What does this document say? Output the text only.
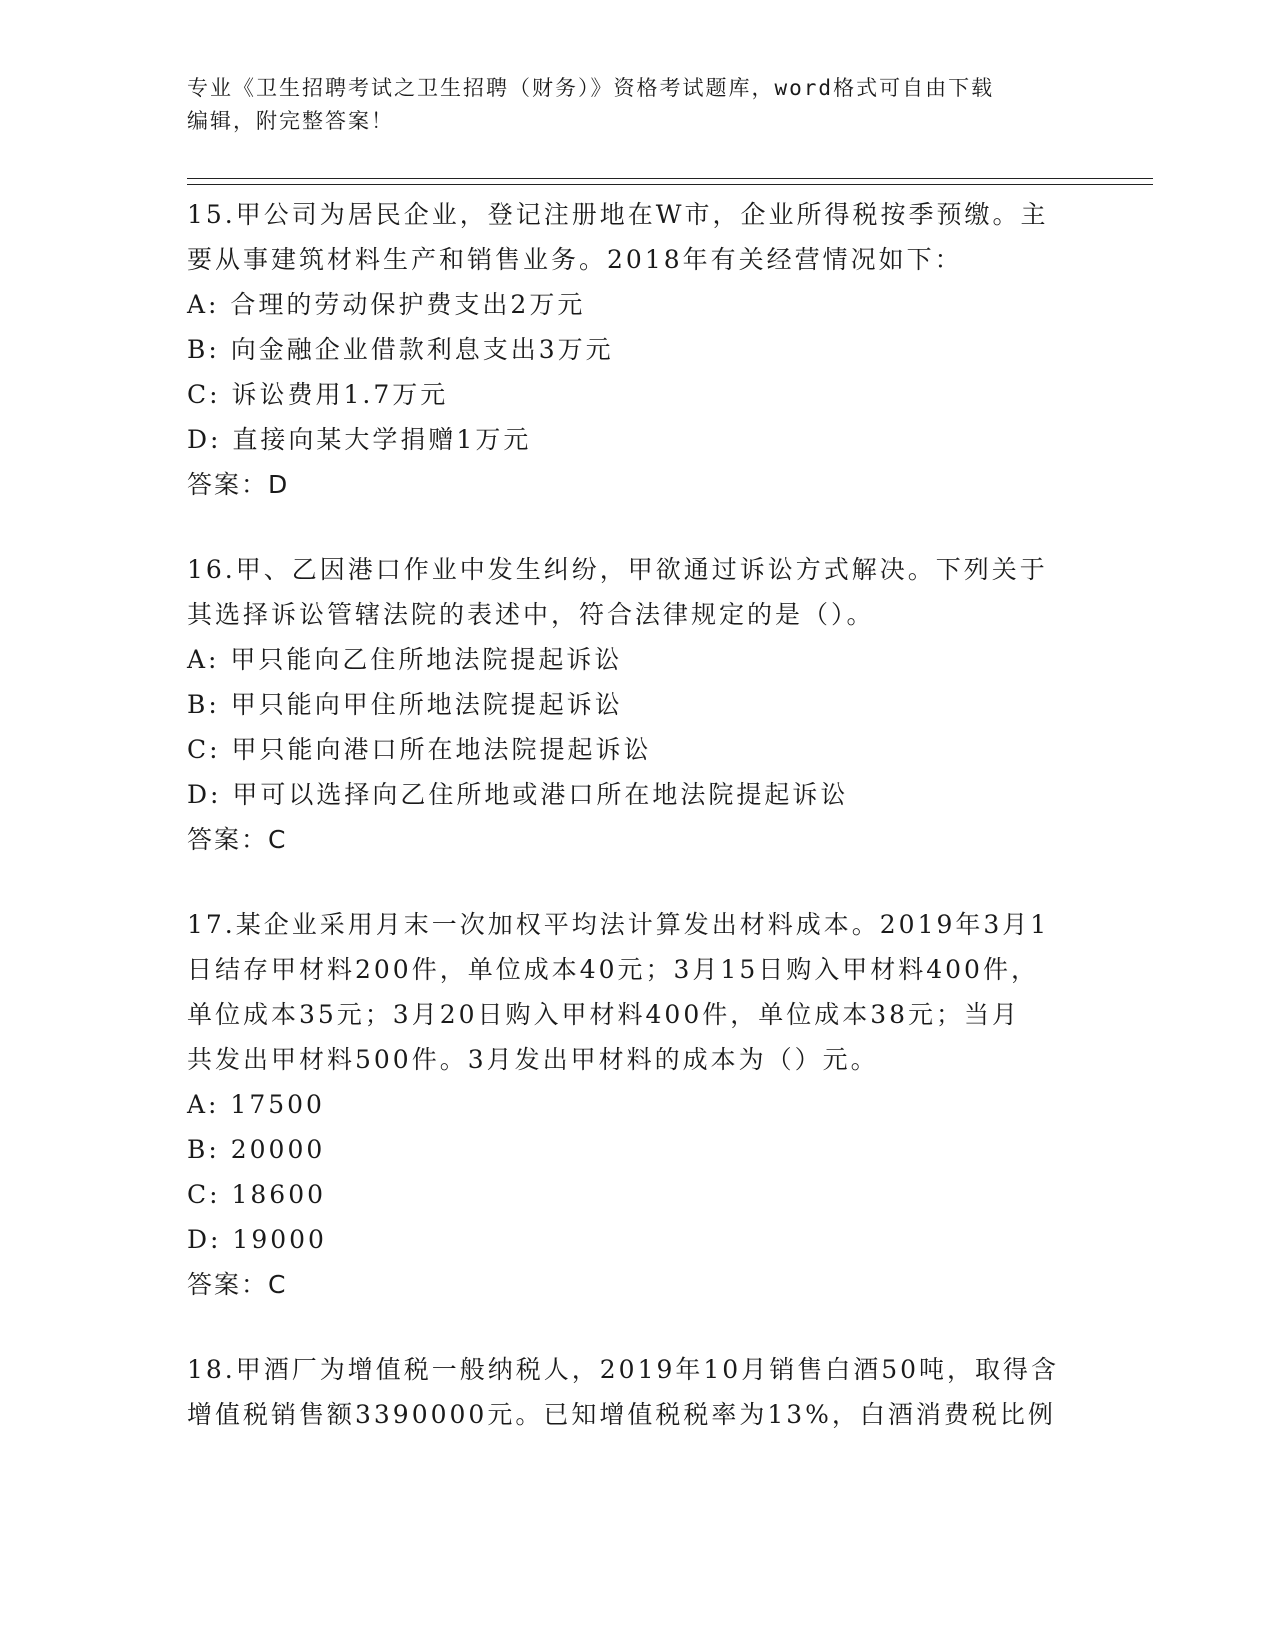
专业《卫生招聘考试之卫生招聘（财务）》资格考试题库，word格式可自由下载
编辑，附完整答案！

15.甲公司为居民企业，登记注册地在W市，企业所得税按季预缴。主

要从事建筑材料生产和销售业务。2018年有关经营情况如下：

A: 合理的劳动保护费支出2万元

B: 向金融企业借款利息支出3万元

C: 诉讼费用1.7万元

D: 直接向某大学捐赠1万元

答案：D

16.甲、乙因港口作业中发生纠纷，甲欲通过诉讼方式解决。下列关于

其选择诉讼管辖法院的表述中，符合法律规定的是（）。

A: 甲只能向乙住所地法院提起诉讼

B: 甲只能向甲住所地法院提起诉讼

C: 甲只能向港口所在地法院提起诉讼

D: 甲可以选择向乙住所地或港口所在地法院提起诉讼

答案：C

17.某企业采用月末一次加权平均法计算发出材料成本。2019年3月1

日结存甲材料200件，单位成本40元；3月15日购入甲材料400件，

单位成本35元；3月20日购入甲材料400件，单位成本38元；当月

共发出甲材料500件。3月发出甲材料的成本为（）元。

A: 17500

B: 20000

C: 18600

D: 19000

答案：C

18.甲酒厂为增值税一般纳税人，2019年10月销售白酒50吨，取得含

增值税销售额3390000元。已知增值税税率为13%，白酒消费税比例
